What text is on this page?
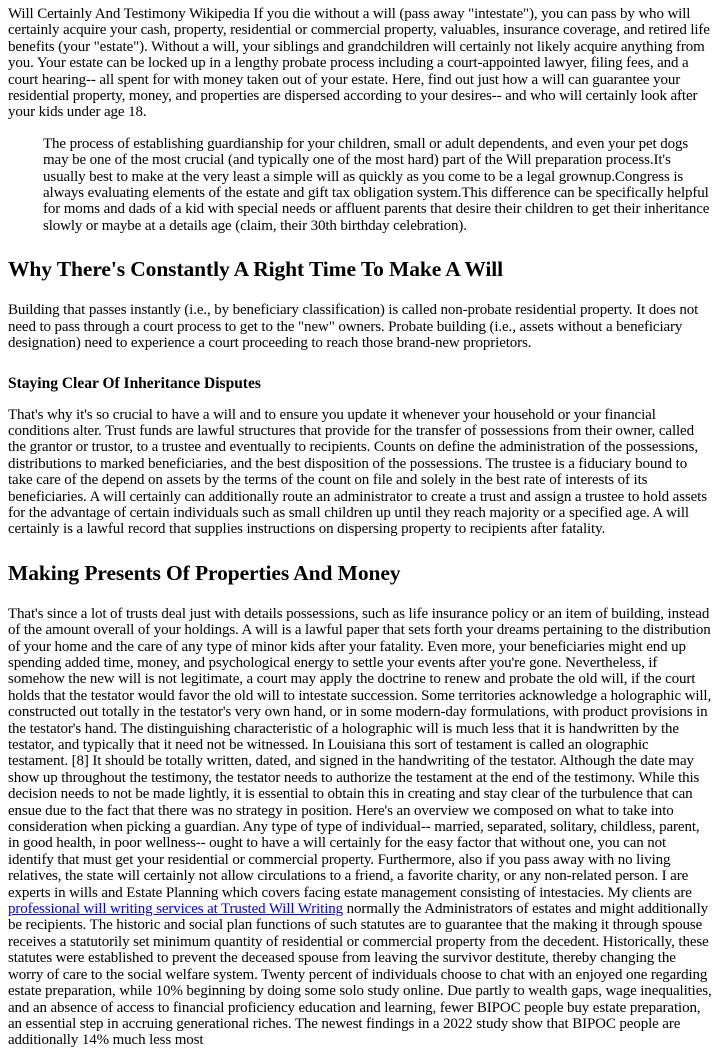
Will Certainly And Testimony Wikipedia If you die without a will (pass away "intestate"), you can pass by who will certainly acquire your cash, property, residential or commercial property, valuables, insurance coverage, and retired life benefits (your "estate"). Without a will, your siblings and grandchildren will certainly not likely acquire anything from you. Your estate can be locked up in a lengthy probate process including a court-appointed lawyer, filing fees, and a court hearing-- all spent for with money taken out of your estate. Here, find out just how a will can guarantee your residential property, money, and properties are dispersed according to your desires-- and who will certainly look after your kids under age 18.

The process of establishing guardianship for your children, small or adult dependents, and even your pet dogs may be one of the most crucial (and typically one of the most hard) part of the Will preparation process.It's usually best to make at the very least a simple will as quickly as you come to be a legal grownup.Congress is always evaluating elements of the estate and gift tax obligation system.This difference can be specifically helpful for moms and dads of a kid with special needs or affluent parents that desire their children to get their inheritance slowly or maybe at a details age (claim, their 30th birthday celebration).

Why There's Constantly A Right Time To Make A Will

Building that passes instantly (i.e., by beneficiary classification) is called non-probate residential property. It does not need to pass through a court process to get to the "new" owners. Probate building (i.e., assets without a beneficiary designation) need to experience a court proceeding to reach those brand-new proprietors.

Staying Clear Of Inheritance Disputes

That's why it's so crucial to have a will and to ensure you update it whenever your household or your financial conditions alter. Trust funds are lawful structures that provide for the transfer of possessions from their owner, called the grantor or trustor, to a trustee and eventually to recipients. Counts on define the administration of the possessions, distributions to marked beneficiaries, and the best disposition of the possessions. The trustee is a fiduciary bound to take care of the depend on assets by the terms of the count on file and solely in the best rate of interests of its beneficiaries. A will certainly can additionally route an administrator to create a trust and assign a trustee to hold assets for the advantage of certain individuals such as small children up until they reach majority or a specified age. A will certainly is a lawful record that supplies instructions on dispersing property to recipients after fatality.

Making Presents Of Properties And Money

That's since a lot of trusts deal just with details possessions, such as life insurance policy or an item of building, instead of the amount overall of your holdings. A will is a lawful paper that sets forth your dreams pertaining to the distribution of your home and the care of any type of minor kids after your fatality. Even more, your beneficiaries might end up spending added time, money, and psychological energy to settle your events after you're gone. Nevertheless, if somehow the new will is not legitimate, a court may apply the doctrine to renew and probate the old will, if the court holds that the testator would favor the old will to intestate succession. Some territories acknowledge a holographic will, constructed out totally in the testator's very own hand, or in some modern-day formulations, with product provisions in the testator's hand. The distinguishing characteristic of a holographic will is much less that it is handwritten by the testator, and typically that it need not be witnessed. In Louisiana this sort of testament is called an olographic testament. [8] It should be totally written, dated, and signed in the handwriting of the testator. Although the date may show up throughout the testimony, the testator needs to authorize the testament at the end of the testimony. While this decision needs to not be made lightly, it is essential to obtain this in creating and stay clear of the turbulence that can ensue due to the fact that there was no strategy in position. Here's an overview we composed on what to take into consideration when picking a guardian. Any type of type of individual-- married, separated, solitary, childless, parent, in good health, in poor wellness-- ought to have a will certainly for the easy factor that without one, you can not identify that must get your residential or commercial property. Furthermore, also if you pass away with no living relatives, the state will certainly not allow circulations to a friend, a favorite charity, or any non-related person. I are experts in wills and Estate Planning which covers facing estate management consisting of intestacies. My clients are professional will writing services at Trusted Will Writing normally the Administrators of estates and might additionally be recipients. The historic and social plan functions of such statutes are to guarantee that the making it through spouse receives a statutorily set minimum quantity of residential or commercial property from the decedent. Historically, these statutes were established to prevent the deceased spouse from leaving the survivor destitute, thereby changing the worry of care to the social welfare system. Twenty percent of individuals choose to chat with an enjoyed one regarding estate preparation, while 10% beginning by doing some solo study online. Due partly to wealth gaps, wage inequalities, and an absence of access to financial proficiency education and learning, fewer BIPOC people buy estate preparation, an essential step in accruing generational riches. The newest findings in a 2022 study show that BIPOC people are additionally 14% much less most
